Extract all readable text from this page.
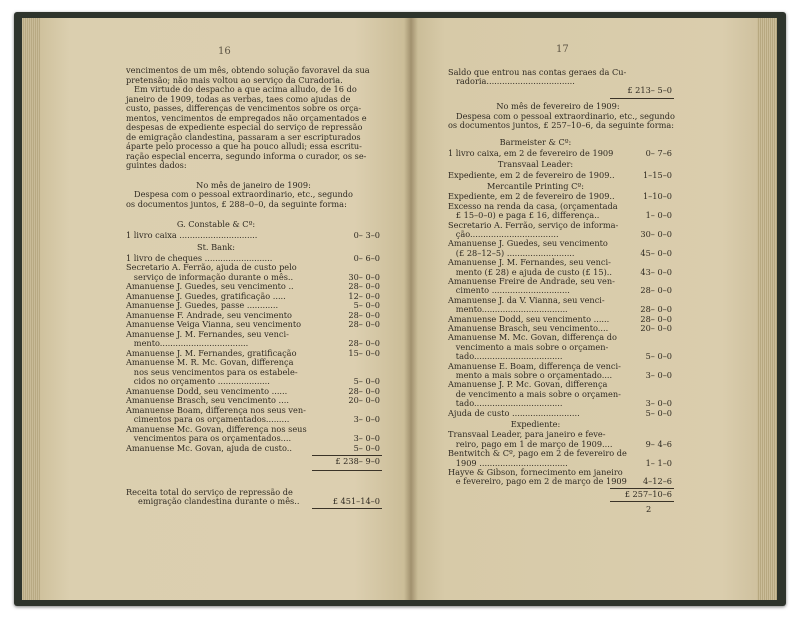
16
vencimentos de um mês, obtendo solução favoravel da sua
pretensão; não mais voltou ao serviço da Curadoria.
Em virtude do despacho a que acima alludo, de 16 do
janeiro de 1909, todas as verbas, taes como ajudas de
custo, passes, differenças de vencimentos sobre os orça-
mentos, vencimentos de empregados não orçamentados e
despesas de expediente especial do serviço de repressão
de emigração clandestina, passaram a ser escripturados
áparte pelo processo a que ha pouco alludi; essa escritu-
ração especial encerra, segundo informa o curador, os se-
guintes dados:
No mês de janeiro de 1909:
Despesa com o pessoal extraordinario, etc., segundo
os documentos juntos, £ 288–0–0, da seguinte forma:
G. Constable & Cº:
1 livro caixa ..............................	0– 3–0
St. Bank:
1 livro de cheques ..........................	0– 6–0
Secretario A. Ferrão, ajuda de custo pelo
serviço de informação durante o mês..	30– 0–0
Amanuense J. Guedes, seu vencimento ..	28– 0–0
Amanuense J. Guedes, gratificação .....	12– 0–0
Amanuense J. Guedes, passe ............	5– 0–0
Amanuense F. Andrade, seu vencimento	28– 0–0
Amanuense Veiga Vianna, seu vencimento	28– 0–0
Amanuense J. M. Fernandes, seu venci-
mento..................................	28– 0–0
Amanuense J. M. Fernandes, gratificação	15– 0–0
Amanuense M. R. Mc. Govan, differença
nos seus vencimentos para os estabele-
cidos no orçamento ....................	5– 0–0
Amanuense Dodd, seu vencimento ......	28– 0–0
Amanuense Brasch, seu vencimento ....	20– 0–0
Amanuense Boam, differença nos seus ven-
cimentos para os orçamentados.........	3– 0–0
Amanuense Mc. Govan, differença nos seus
vencimentos para os orçamentados....	3– 0–0
Amanuense Mc. Govan, ajuda de custo..	5– 0–0
£ 238– 9–0
Receita total do serviço de repressão de
emigração clandestina durante o mês..	£ 451–14–0
17
Saldo que entrou nas contas geraes da Cu-
radoria..................................
£ 213– 5–0
No mês de fevereiro de 1909:
Despesa com o pessoal extraordinario, etc., segundo
os documentos juntos, £ 257–10–6, da seguinte forma:
Barmeister & Cº:
1 livro caixa, em 2 de fevereiro de 1909	0– 7–6
Transvaal Leader:
Expediente, em 2 de fevereiro de 1909..	1–15–0
Mercantile Printing Cº:
Expediente, em 2 de fevereiro de 1909..	1–10–0
Excesso na renda da casa, (orçamentada
£ 15–0–0) e paga £ 16, differença..	1– 0–0
Secretario A. Ferrão, serviço de informa-
ção..................................	30– 0–0
Amanuense J. Guedes, seu vencimento
(£ 28–12–5) ..........................	45– 0–0
Amanuense J. M. Fernandes, seu venci-
mento (£ 28) e ajuda de custo (£ 15)..	43– 0–0
Amanuense Freire de Andrade, seu ven-
cimento ..............................	28– 0–0
Amanuense J. da V. Vianna, seu venci-
mento.................................	28– 0–0
Amanuense Dodd, seu vencimento ......	28– 0–0
Amanuense Brasch, seu vencimento....	20– 0–0
Amanuense M. Mc. Govan, differença do
vencimento a mais sobre o orçamen-
tado..................................	5– 0–0
Amanuense E. Boam, differença de venci-
mento a mais sobre o orçamentado....	3– 0–0
Amanuense J. P. Mc. Govan, differença
de vencimento a mais sobre o orçamen-
tado..................................	3– 0–0
Ajuda de custo ..........................	5– 0–0
Expediente:
Transvaal Leader, para janeiro e feve-
reiro, pago em 1 de março de 1909....	9– 4–6
Bentwitch & Cº, pago em 2 de fevereiro de
1909 ..................................	1– 1–0
Hayve & Gibson, fornecimento em janeiro
e fevereiro, pago em 2 de março de 1909	4–12–6
£ 257–10–6
2
